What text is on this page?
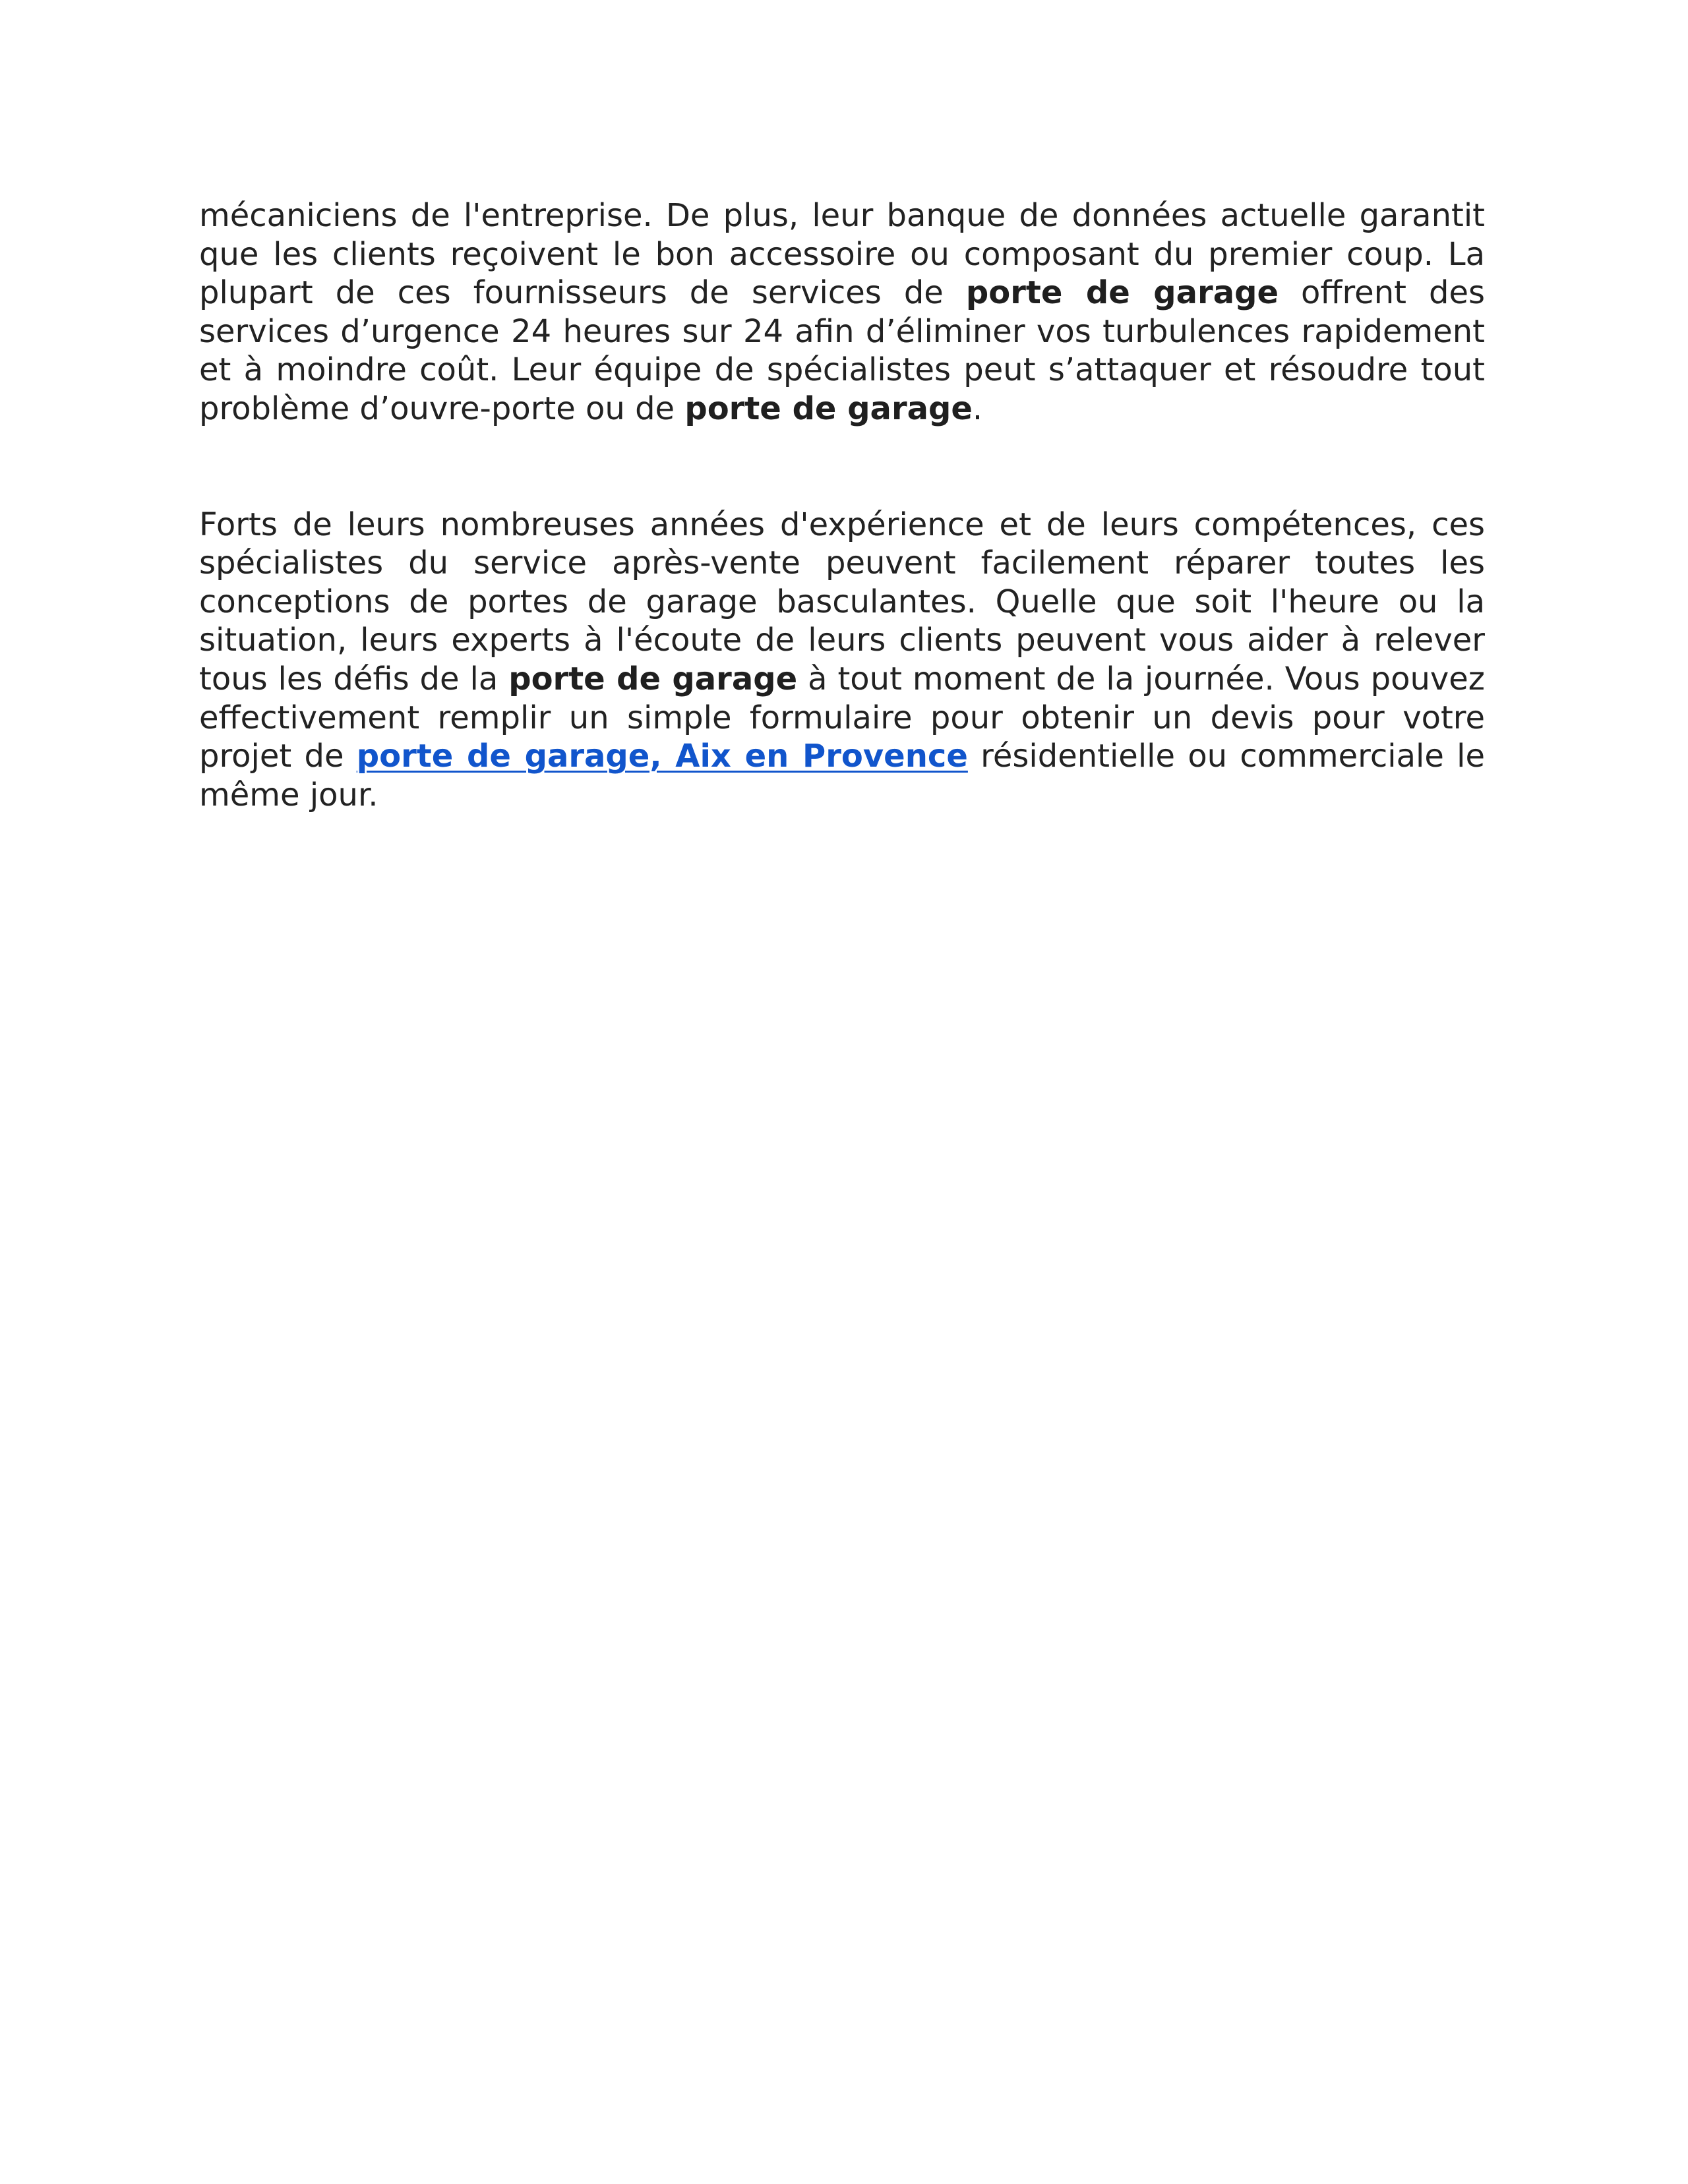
mécaniciens de l'entreprise. De plus, leur banque de données actuelle garantit que les clients reçoivent le bon accessoire ou composant du premier coup. La plupart de ces fournisseurs de services de porte de garage offrent des services d’urgence 24 heures sur 24 afin d’éliminer vos turbulences rapidement et à moindre coût. Leur équipe de spécialistes peut s’attaquer et résoudre tout problème d’ouvre-porte ou de porte de garage.

Forts de leurs nombreuses années d'expérience et de leurs compétences, ces spécialistes du service après-vente peuvent facilement réparer toutes les conceptions de portes de garage basculantes. Quelle que soit l'heure ou la situation, leurs experts à l'écoute de leurs clients peuvent vous aider à relever tous les défis de la porte de garage à tout moment de la journée. Vous pouvez effectivement remplir un simple formulaire pour obtenir un devis pour votre projet de porte de garage, Aix en Provence résidentielle ou commerciale le même jour.
